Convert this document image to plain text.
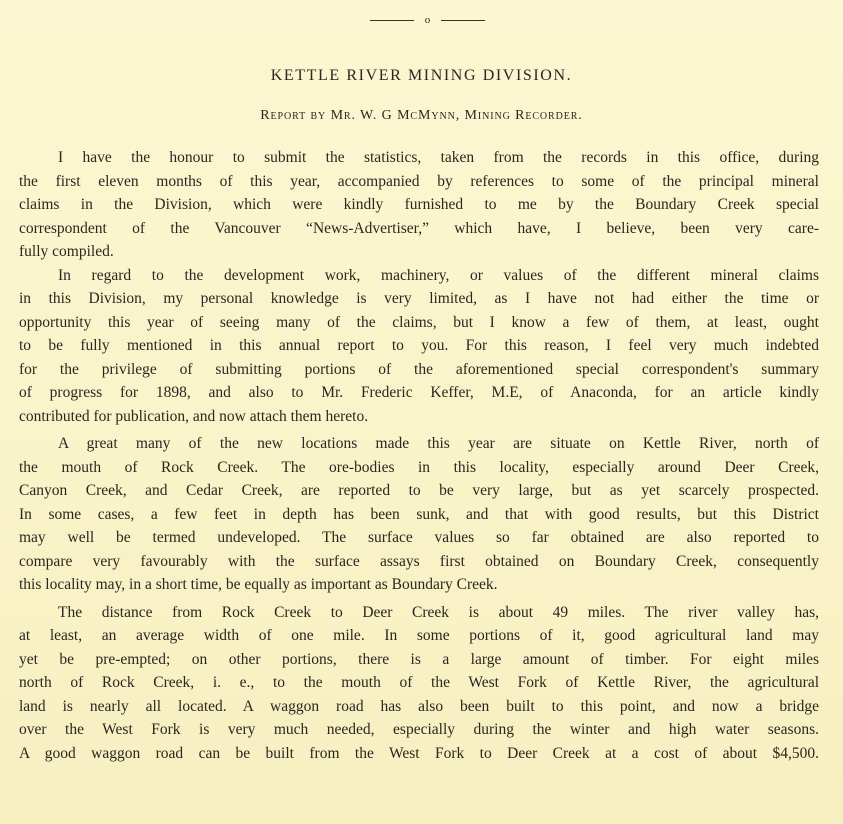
o
KETTLE RIVER MINING DIVISION.
Report by Mr. W. G McMynn, Mining Recorder.
I have the honour to submit the statistics, taken from the records in this office, during
the first eleven months of this year, accompanied by references to some of the principal mineral
claims in the Division, which were kindly furnished to me by the Boundary Creek special
correspondent of the Vancouver “News-Advertiser,” which have, I believe, been very care-
fully compiled.
In regard to the development work, machinery, or values of the different mineral claims
in this Division, my personal knowledge is very limited, as I have not had either the time or
opportunity this year of seeing many of the claims, but I know a few of them, at least, ought
to be fully mentioned in this annual report to you. For this reason, I feel very much indebted
for the privilege of submitting portions of the aforementioned special correspondent's summary
of progress for 1898, and also to Mr. Frederic Keffer, M.E, of Anaconda, for an article kindly
contributed for publication, and now attach them hereto.
A great many of the new locations made this year are situate on Kettle River, north of
the mouth of Rock Creek. The ore-bodies in this locality, especially around Deer Creek,
Canyon Creek, and Cedar Creek, are reported to be very large, but as yet scarcely prospected.
In some cases, a few feet in depth has been sunk, and that with good results, but this District
may well be termed undeveloped. The surface values so far obtained are also reported to
compare very favourably with the surface assays first obtained on Boundary Creek, consequently
this locality may, in a short time, be equally as important as Boundary Creek.
The distance from Rock Creek to Deer Creek is about 49 miles. The river valley has,
at least, an average width of one mile. In some portions of it, good agricultural land may
yet be pre-empted; on other portions, there is a large amount of timber. For eight miles
north of Rock Creek, i. e., to the mouth of the West Fork of Kettle River, the agricultural
land is nearly all located. A waggon road has also been built to this point, and now a bridge
over the West Fork is very much needed, especially during the winter and high water seasons.
A good waggon road can be built from the West Fork to Deer Creek at a cost of about $4,500.
